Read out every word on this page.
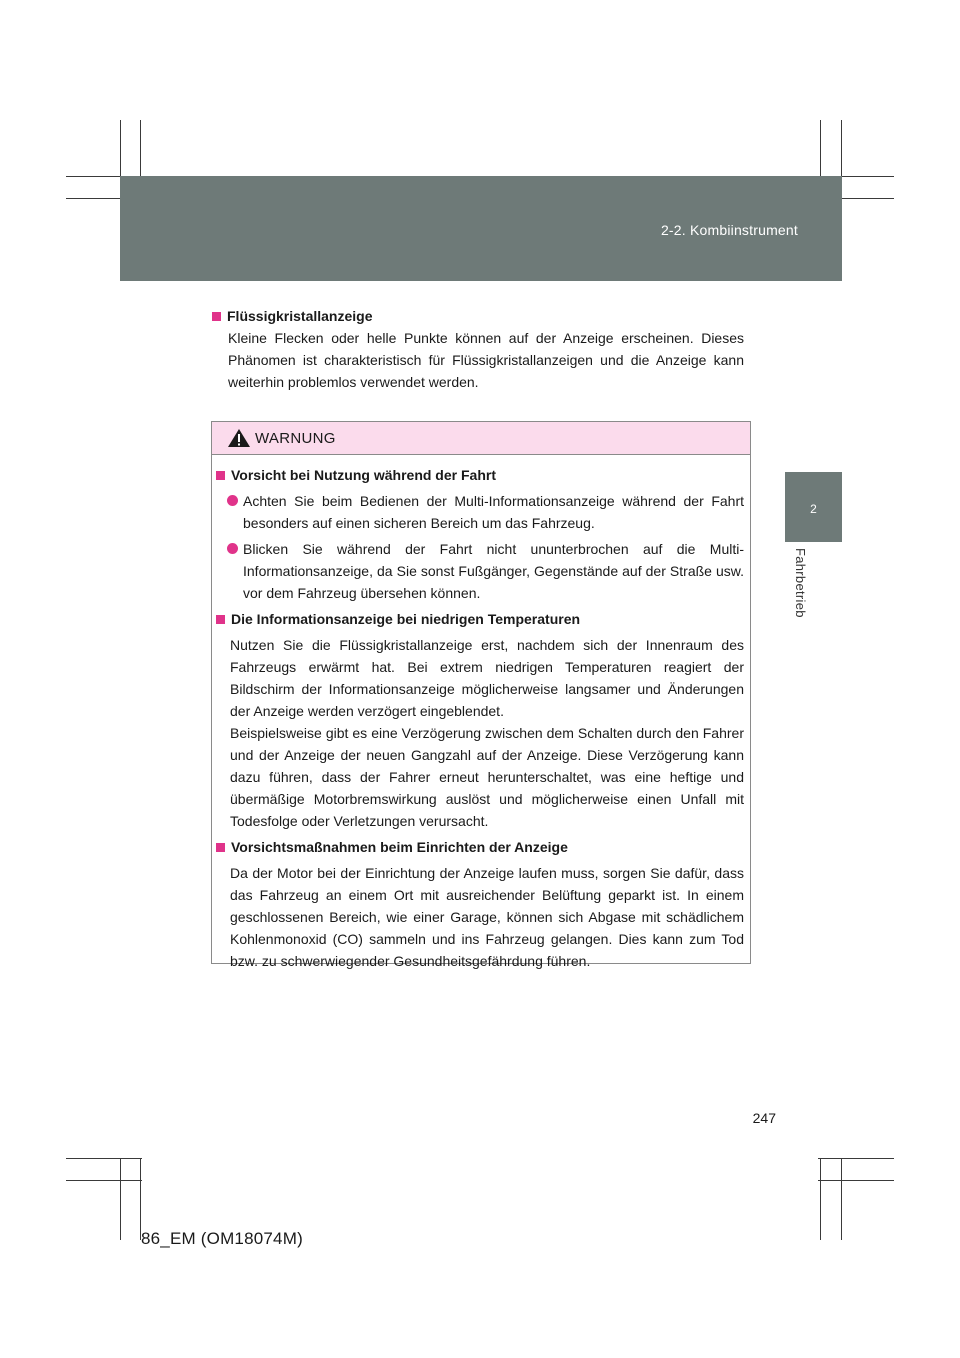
2-2. Kombiinstrument
2
Fahrbetrieb

Flüssigkristallanzeige

Kleine Flecken oder helle Punkte können auf der Anzeige erscheinen. Dieses Phänomen ist charakteristisch für Flüssigkristallanzeigen und die Anzeige kann weiterhin problemlos verwendet werden.

WARNUNG

Vorsicht bei Nutzung während der Fahrt

Achten Sie beim Bedienen der Multi-Informationsanzeige während der Fahrt besonders auf einen sicheren Bereich um das Fahrzeug.

Blicken Sie während der Fahrt nicht ununterbrochen auf die Multi-Informationsanzeige, da Sie sonst Fußgänger, Gegenstände auf der Straße usw. vor dem Fahrzeug übersehen können.

Die Informationsanzeige bei niedrigen Temperaturen

Nutzen Sie die Flüssigkristallanzeige erst, nachdem sich der Innenraum des Fahrzeugs erwärmt hat. Bei extrem niedrigen Temperaturen reagiert der Bildschirm der Informationsanzeige möglicherweise langsamer und Änderungen der Anzeige werden verzögert eingeblendet.

Beispielsweise gibt es eine Verzögerung zwischen dem Schalten durch den Fahrer und der Anzeige der neuen Gangzahl auf der Anzeige. Diese Verzögerung kann dazu führen, dass der Fahrer erneut herunterschaltet, was eine heftige und übermäßige Motorbremswirkung auslöst und möglicherweise einen Unfall mit Todesfolge oder Verletzungen verursacht.

Vorsichtsmaßnahmen beim Einrichten der Anzeige

Da der Motor bei der Einrichtung der Anzeige laufen muss, sorgen Sie dafür, dass das Fahrzeug an einem Ort mit ausreichender Belüftung geparkt ist. In einem geschlossenen Bereich, wie einer Garage, können sich Abgase mit schädlichem Kohlenmonoxid (CO) sammeln und ins Fahrzeug gelangen. Dies kann zum Tod bzw. zu schwerwiegender Gesundheitsgefährdung führen.

247
86_EM (OM18074M)
